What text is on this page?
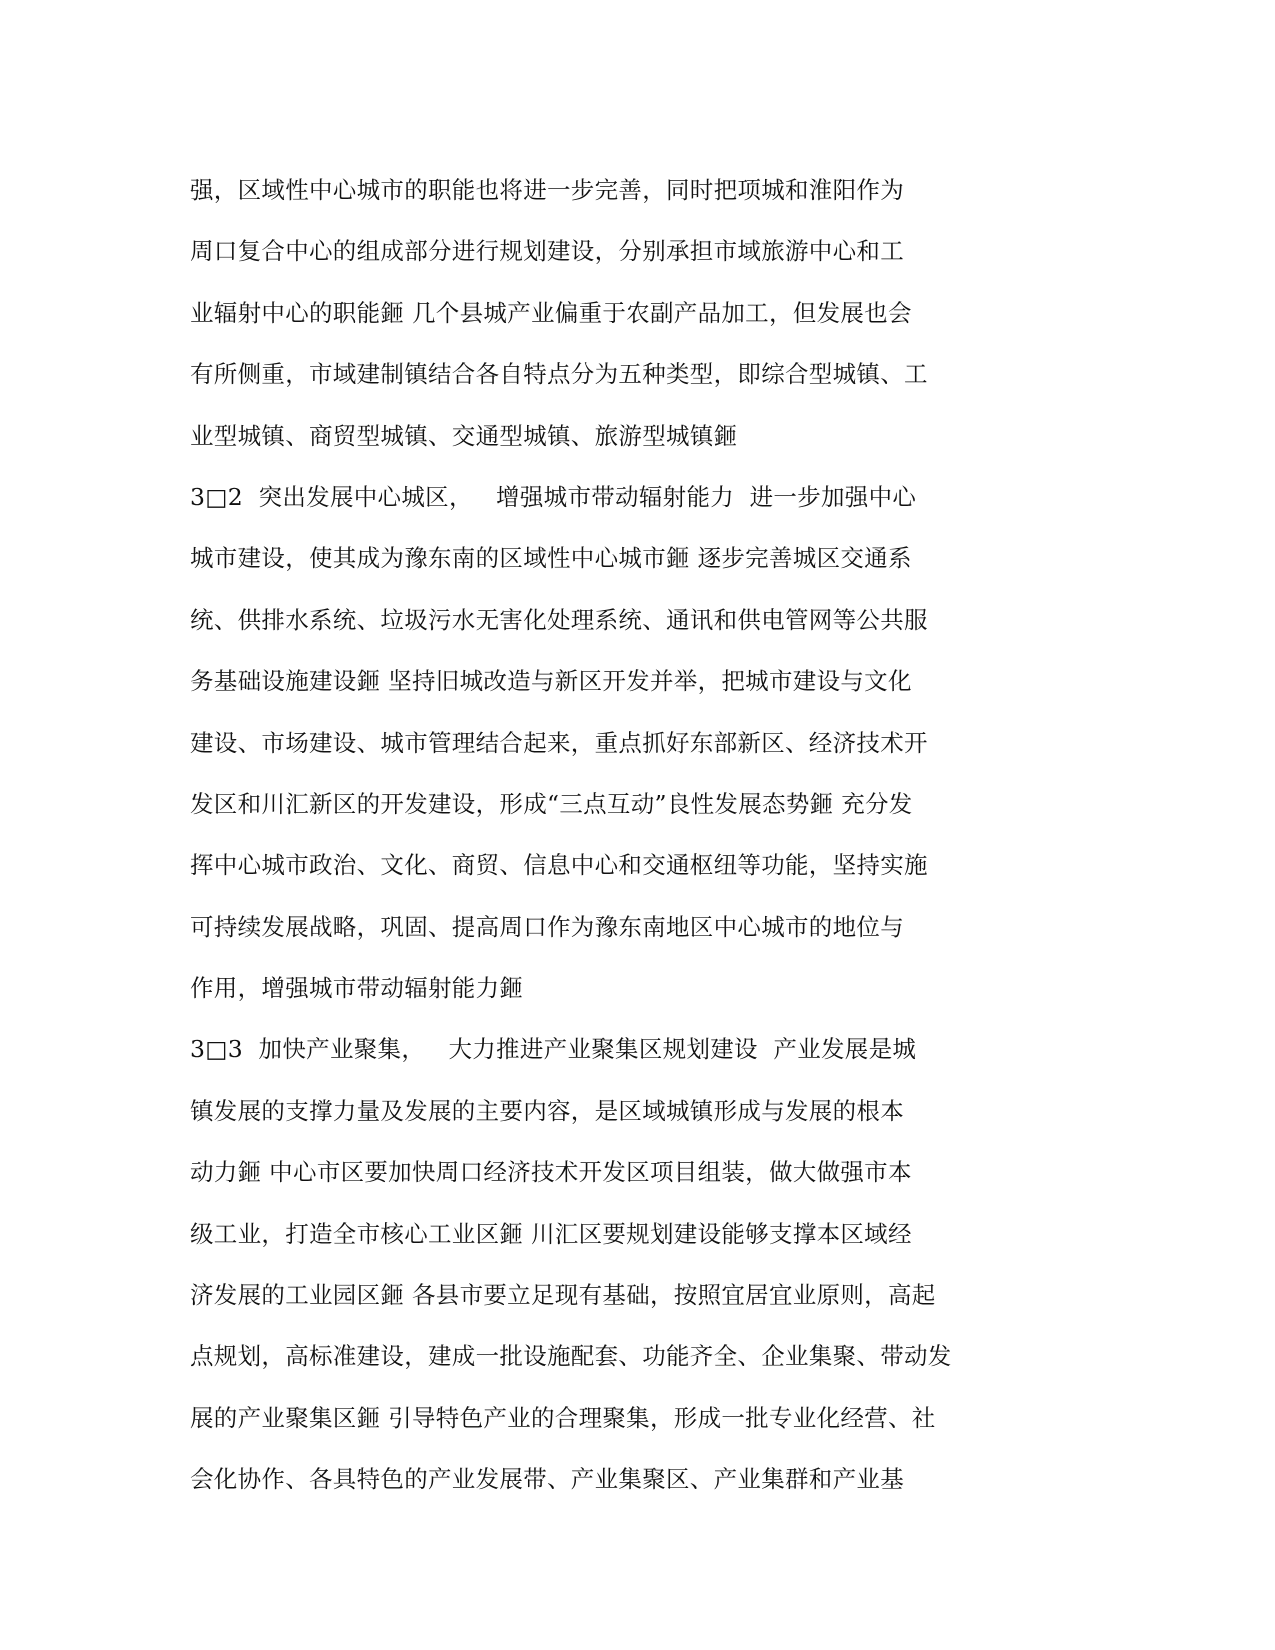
强，区域性中心城市的职能也将进一步完善，同时把项城和淮阳作为
周口复合中心的组成部分进行规划建设，分别承担市域旅游中心和工
业辐射中心的职能鉔 几个县城产业偏重于农副产品加工，但发展也会
有所侧重，市域建制镇结合各自特点分为五种类型，即综合型城镇、工
业型城镇、商贸型城镇、交通型城镇、旅游型城镇鉔
3□2  突出发展中心城区，   增强城市带动辐射能力  进一步加强中心
城市建设，使其成为豫东南的区域性中心城市鉔 逐步完善城区交通系
统、供排水系统、垃圾污水无害化处理系统、通讯和供电管网等公共服
务基础设施建设鉔 坚持旧城改造与新区开发并举，把城市建设与文化
建设、市场建设、城市管理结合起来，重点抓好东部新区、经济技术开
发区和川汇新区的开发建设，形成“三点互动”良性发展态势鉔 充分发
挥中心城市政治、文化、商贸、信息中心和交通枢纽等功能，坚持实施
可持续发展战略，巩固、提高周口作为豫东南地区中心城市的地位与
作用，增强城市带动辐射能力鉔
3□3  加快产业聚集，   大力推进产业聚集区规划建设  产业发展是城
镇发展的支撑力量及发展的主要内容，是区域城镇形成与发展的根本
动力鉔 中心市区要加快周口经济技术开发区项目组装，做大做强市本
级工业，打造全市核心工业区鉔 川汇区要规划建设能够支撑本区域经
济发展的工业园区鉔 各县市要立足现有基础，按照宜居宜业原则，高起
点规划，高标准建设，建成一批设施配套、功能齐全、企业集聚、带动发
展的产业聚集区鉔 引导特色产业的合理聚集，形成一批专业化经营、社
会化协作、各具特色的产业发展带、产业集聚区、产业集群和产业基
